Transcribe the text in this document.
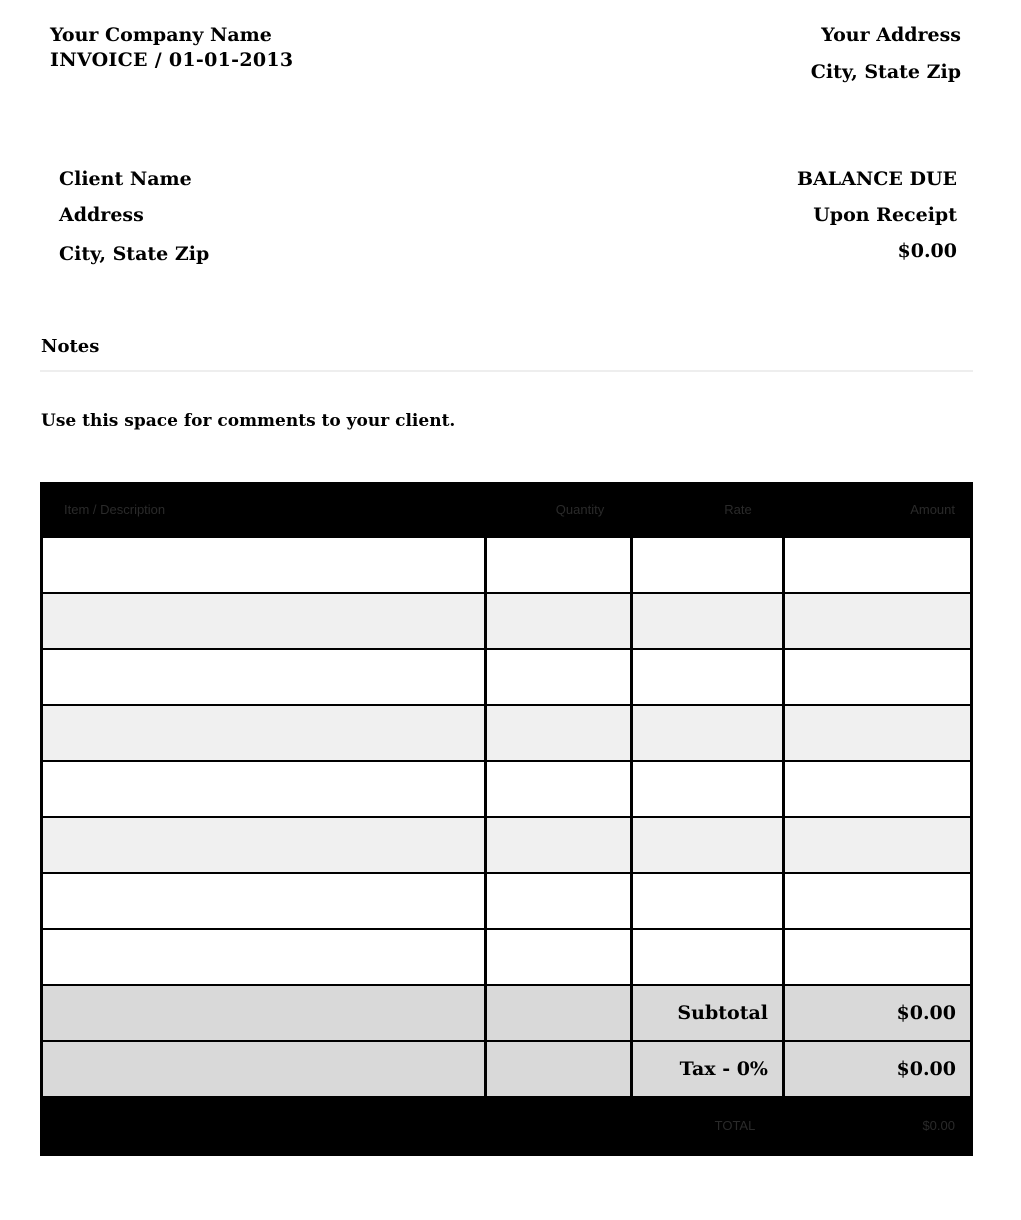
Your Company Name
INVOICE / 01-01-2013
Your Address
City, State Zip
Client Name
Address
City, State Zip
BALANCE DUE
Upon Receipt
$0.00
Notes
Use this space for comments to your client.
Item / Description	Quantity	Rate	Amount
Subtotal	$0.00
Tax - 0%	$0.00
TOTAL	$0.00
